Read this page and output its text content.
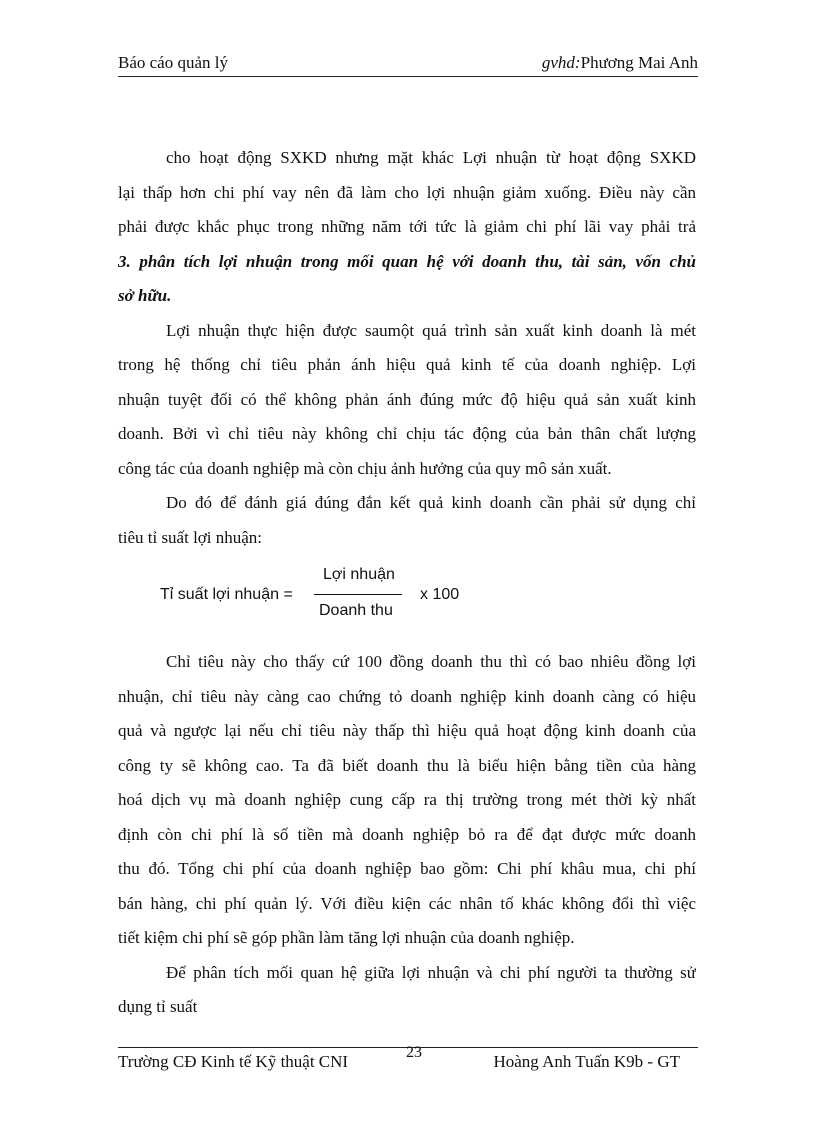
Báo cáo quản lý	gvhd:Phương Mai Anh
cho hoạt động SXKD nhưng mặt khác Lợi nhuận từ hoạt động SXKD
lại thấp hơn chi phí vay nên đã làm cho lợi nhuận giảm xuống. Điều này cần
phải được khắc phục trong những năm tới tức là giảm chi phí lãi vay phải trả
3. phân tích lợi nhuận trong mối quan hệ với doanh thu, tài sản, vốn chủ
sở hữu.
Lợi nhuận thực hiện được saumột quá trình sản xuất kinh doanh là mét
trong hệ thống chỉ tiêu phản ánh hiệu quả kinh tế của doanh nghiệp. Lợi
nhuận tuyệt đối có thể không phản ánh đúng mức độ hiệu quả sản xuất kinh
doanh. Bởi vì chỉ tiêu này không chỉ chịu tác động của bản thân chất lượng
công tác của doanh nghiệp mà còn chịu ảnh hưởng của quy mô sản xuất.
Do đó để đánh giá đúng đắn kết quả kinh doanh cần phải sử dụng chỉ
tiêu tỉ suất lợi nhuận:
Tỉ suất lợi nhuận =
Lợi nhuận
Doanh thu
x 100
Chỉ tiêu này cho thấy cứ 100 đồng doanh thu thì có bao nhiêu đồng lợi
nhuận, chỉ tiêu này càng cao chứng tỏ doanh nghiệp kinh doanh càng có hiệu
quả và ngược lại nếu chỉ tiêu này thấp thì hiệu quả hoạt động kinh doanh của
công ty sẽ không cao. Ta đã biết doanh thu là biểu hiện bằng tiền của hàng
hoá dịch vụ mà doanh nghiệp cung cấp ra thị trường trong mét thời kỳ nhất
định còn chi phí là số tiền mà doanh nghiệp bỏ ra để đạt được mức doanh
thu đó. Tổng chi phí của doanh nghiệp bao gồm: Chi phí khâu mua, chi phí
bán hàng, chi phí quản lý. Với điều kiện các nhân tố khác không đổi thì việc
tiết kiệm chi phí sẽ góp phần làm tăng lợi nhuận của doanh nghiệp.
Để phân tích mối quan hệ giữa lợi nhuận và chi phí người ta thường sử
dụng tỉ suất
Trường CĐ Kinh tế Kỹ thuật CNI	23	Hoàng Anh Tuấn K9b - GT
